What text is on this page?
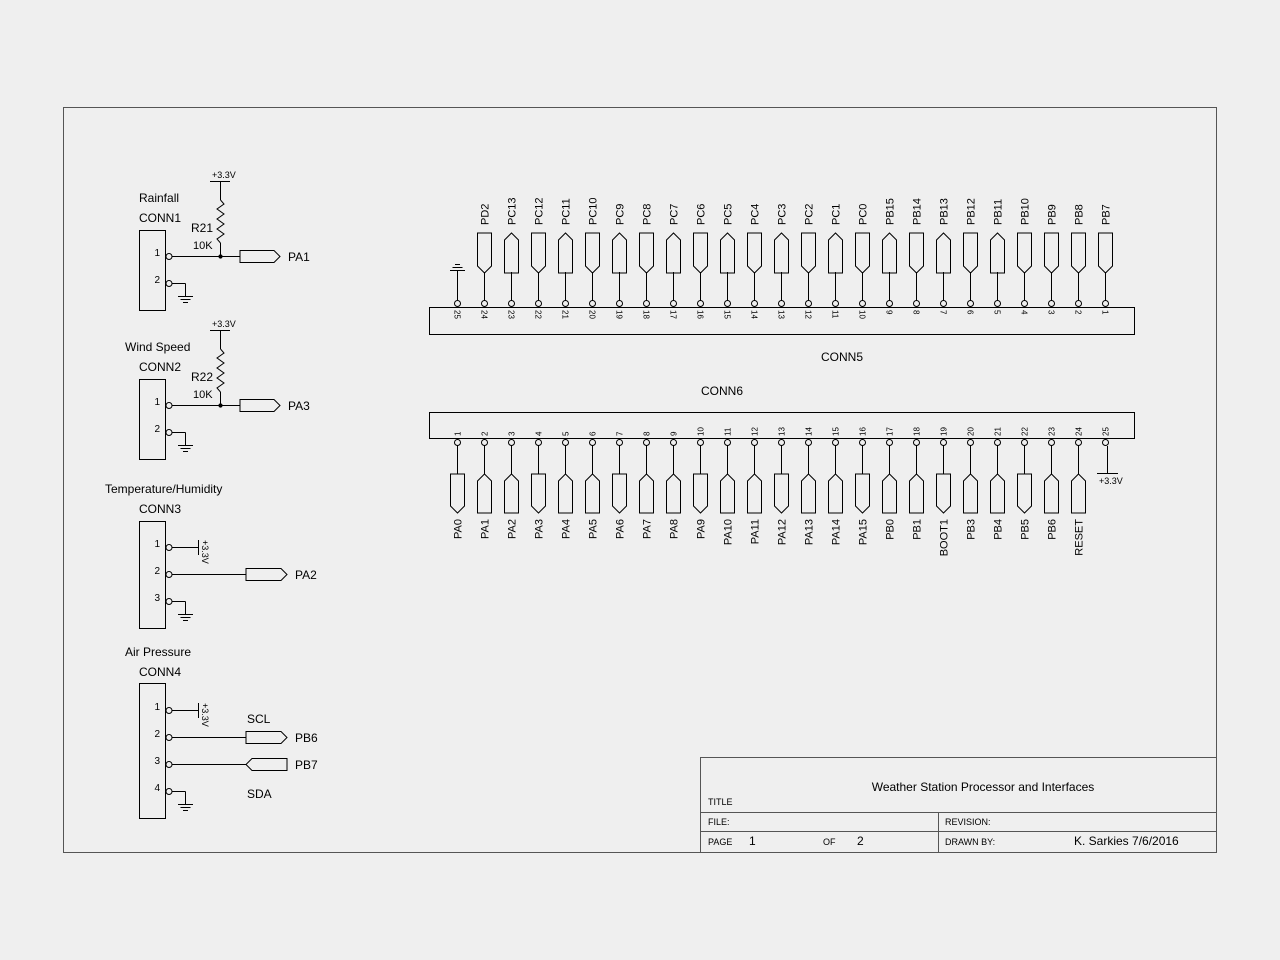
+3.3V
Rainfall
CONN1
R21
10K
1
2
PA1
+3.3V
Wind Speed
CONN2
R22
10K
1
2
PA3
+3.3V
Temperature/Humidity
CONN3
1
2
3
PA2
+3.3V
Air Pressure
CONN4
1
2
3
4
SCL
SDA
PB6
PB7
25 24
PD2
23
PC13
22
PC12
21
PC11
20
PC10
19
PC9
18
PC8
17
PC7
16
PC6
15
PC5
14
PC4
13
PC3
12
PC2
11
PC1
10
PC0
9
PB15
8
PB14
7
PB13
6
PB12
5
PB11
4
PB10
3
PB9
2
PB8
1
PB7
CONN5
CONN6
1
PA0
2
PA1
3
PA2
4
PA3
5
PA4
6
PA5
7
PA6
8
PA7
9
PA8
10
PA9
11
PA10
12
PA11
13
PA12
14
PA13
15
PA14
16
PA15
17
PB0
18
PB1
19
BOOT1
20
PB3
21
PB4
22
PB5
23
PB6
24
RESET
25
+3.3V
TITLE
Weather Station Processor and Interfaces
FILE:	REVISION:
PAGE 1	OF 2	DRAWN BY:	K. Sarkies 7/6/2016
